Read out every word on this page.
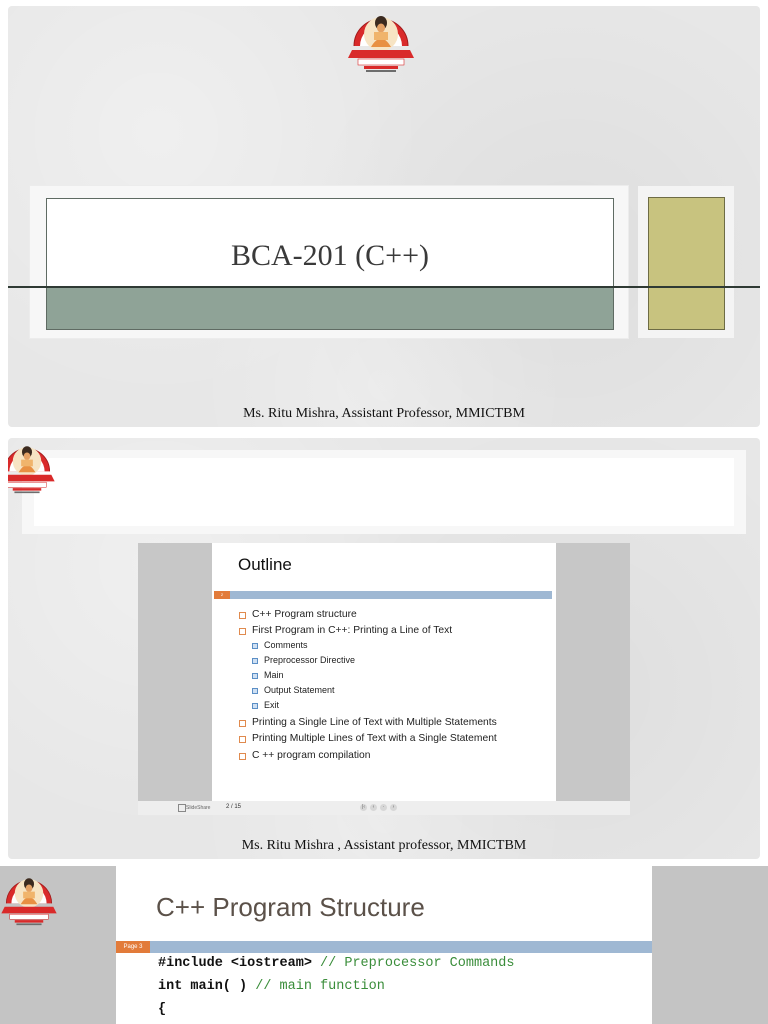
BCA-201 (C++)
Ms. Ritu Mishra, Assistant Professor, MMICTBM
Outline
2
C++ Program structure
First Program in C++: Printing a Line of Text
Comments
Preprocessor Directive
Main
Output Statement
Exit
Printing a Single Line of Text with Multiple Statements
Printing Multiple Lines of Text with a Single Statement
C ++ program compilation
SlideShare	2 / 15	|‹ ‹ · ›
Ms. Ritu Mishra , Assistant professor, MMICTBM
C++ Program Structure
Page 3
#include <iostream> // Preprocessor Commands
int main( ) // main function
{
